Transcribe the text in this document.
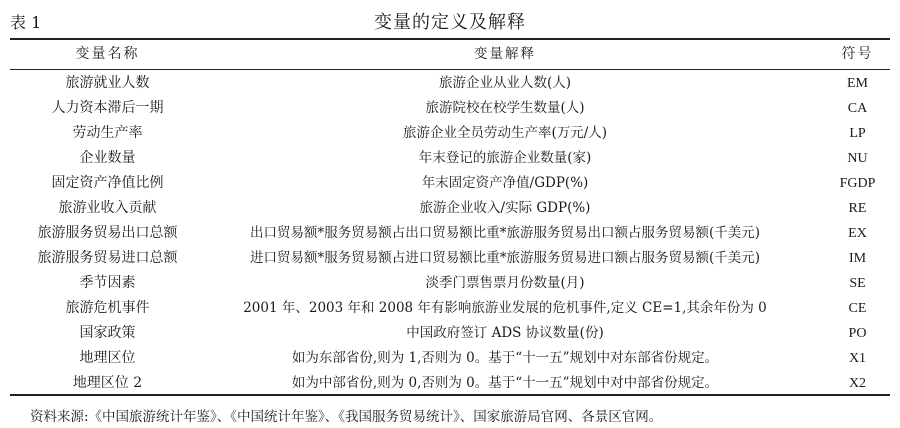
表 1	变量的定义及解释
变量名称	变量解释	符号
旅游就业人数	旅游企业从业人数(人)	EM
人力资本滞后一期	旅游院校在校学生数量(人)	CA
劳动生产率	旅游企业全员劳动生产率(万元/人)	LP
企业数量	年末登记的旅游企业数量(家)	NU
固定资产净值比例	年末固定资产净值/GDP(%)	FGDP
旅游业收入贡献	旅游企业收入/实际 GDP(%)	RE
旅游服务贸易出口总额	出口贸易额*服务贸易额占出口贸易额比重*旅游服务贸易出口额占服务贸易额(千美元)	EX
旅游服务贸易进口总额	进口贸易额*服务贸易额占进口贸易额比重*旅游服务贸易进口额占服务贸易额(千美元)	IM
季节因素	淡季门票售票月份数量(月)	SE
旅游危机事件	2001 年、2003 年和 2008 年有影响旅游业发展的危机事件,定义 CE=1,其余年份为 0	CE
国家政策	中国政府签订 ADS 协议数量(份)	PO
地理区位	如为东部省份,则为 1,否则为 0。基于“十一五”规划中对东部省份规定。	X1
地理区位 2	如为中部省份,则为 0,否则为 0。基于“十一五”规划中对中部省份规定。	X2
资料来源:《中国旅游统计年鉴》、《中国统计年鉴》、《我国服务贸易统计》、国家旅游局官网、各景区官网。
